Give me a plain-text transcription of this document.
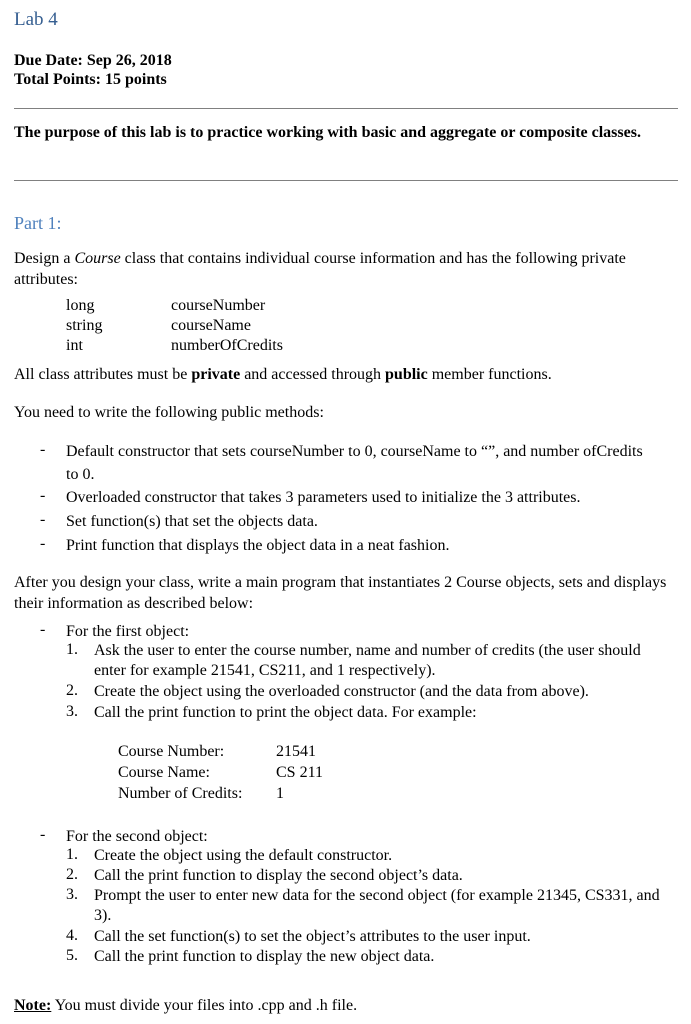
Lab 4
Due Date: Sep 26, 2018
Total Points: 15 points
The purpose of this lab is to practice working with basic and aggregate or composite classes.
Part 1:
Design a Course class that contains individual course information and has the following private attributes:
long	courseNumber
string	courseName
int	numberOfCredits
All class attributes must be private and accessed through public member functions.
You need to write the following public methods:
- Default constructor that sets courseNumber to 0, courseName to “”, and number ofCredits to 0.
- Overloaded constructor that takes 3 parameters used to initialize the 3 attributes.
- Set function(s) that set the objects data.
- Print function that displays the object data in a neat fashion.
After you design your class, write a main program that instantiates 2 Course objects, sets and displays their information as described below:
- For the first object:
1. Ask the user to enter the course number, name and number of credits (the user should enter for example 21541, CS211, and 1 respectively).
2. Create the object using the overloaded constructor (and the data from above).
3. Call the print function to print the object data. For example:
Course Number:	21541
Course Name:	CS 211
Number of Credits: 1
- For the second object:
1. Create the object using the default constructor.
2. Call the print function to display the second object’s data.
3. Prompt the user to enter new data for the second object (for example 21345, CS331, and 3).
4. Call the set function(s) to set the object’s attributes to the user input.
5. Call the print function to display the new object data.
Note: You must divide your files into .cpp and .h file.
